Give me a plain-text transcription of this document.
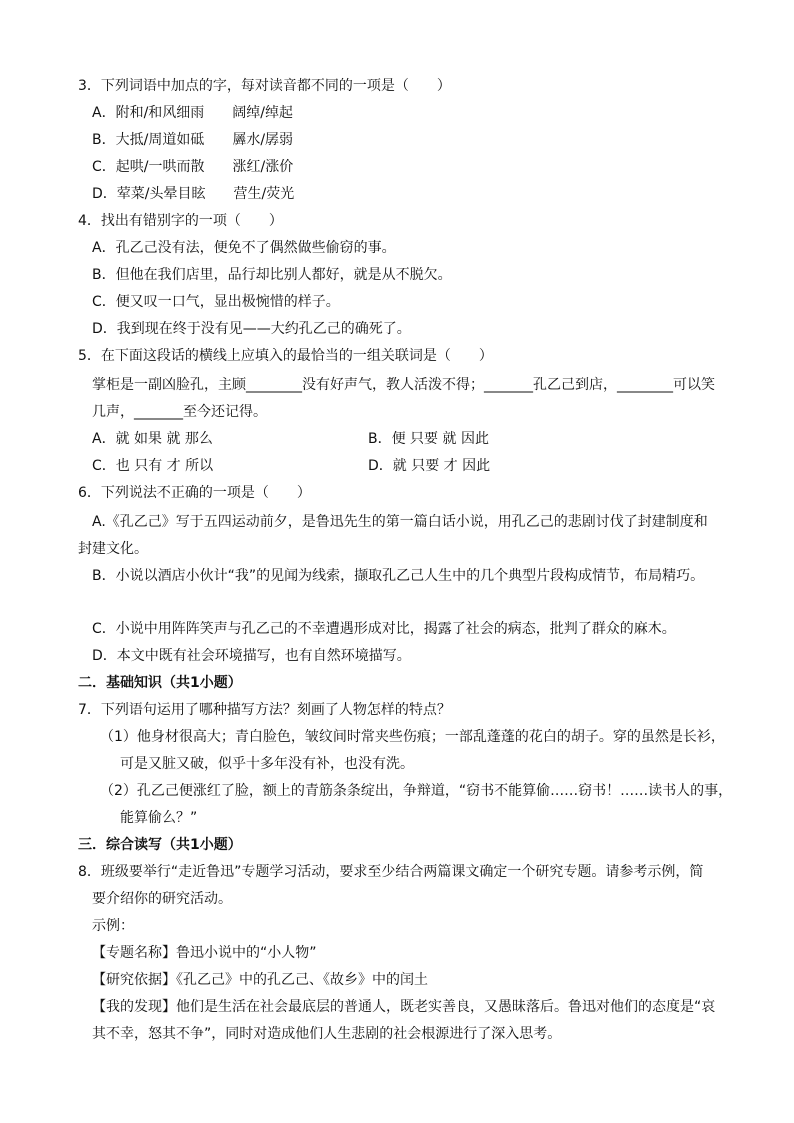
3．下列词语中加点的字，每对读音都不同的一项是（　　）
A．附和/和风细雨　　阔绰/绰起
B．大抵/周道如砥　　羼水/孱弱
C．起哄/一哄而散　　涨红/涨价
D．荤菜/头晕目眩　　营生/荧光
4．找出有错别字的一项（　　）
A．孔乙己没有法，便免不了偶然做些偷窃的事。
B．但他在我们店里，品行却比别人都好，就是从不脱欠。
C．便又叹一口气，显出极惋惜的样子。
D．我到现在终于没有见——大约孔乙己的确死了。
5．在下面这段话的横线上应填入的最恰当的一组关联词是（　　）
掌柜是一副凶脸孔，主顾________没有好声气，教人活泼不得；_______孔乙己到店，________可以笑
几声，_______至今还记得。
A．就 如果 就 那么	B．便 只要 就 因此
C．也 只有 才 所以	D．就 只要 才 因此
6．下列说法不正确的一项是（　　）
A.《孔乙己》写于五四运动前夕，是鲁迅先生的第一篇白话小说，用孔乙己的悲剧讨伐了封建制度和
封建文化。
B．小说以酒店小伙计“我”的见闻为线索，撷取孔乙己人生中的几个典型片段构成情节，布局精巧。
C．小说中用阵阵笑声与孔乙己的不幸遭遇形成对比，揭露了社会的病态，批判了群众的麻木。
D．本文中既有社会环境描写，也有自然环境描写。
二．基础知识（共1小题）
7．下列语句运用了哪种描写方法？刻画了人物怎样的特点？
（1）他身材很高大；青白脸色，皱纹间时常夹些伤痕；一部乱蓬蓬的花白的胡子。穿的虽然是长衫，
可是又脏又破，似乎十多年没有补，也没有洗。
（2）孔乙己便涨红了脸，额上的青筋条条绽出，争辩道，“窃书不能算偷……窃书！……读书人的事，
能算偷么？”
三．综合读写（共1小题）
8．班级要举行“走近鲁迅”专题学习活动，要求至少结合两篇课文确定一个研究专题。请参考示例，简
要介绍你的研究活动。
示例：
【专题名称】鲁迅小说中的“小人物”
【研究依据】《孔乙己》中的孔乙己、《故乡》中的闰土
【我的发现】他们是生活在社会最底层的普通人，既老实善良，又愚昧落后。鲁迅对他们的态度是“哀
其不幸，怒其不争”，同时对造成他们人生悲剧的社会根源进行了深入思考。
